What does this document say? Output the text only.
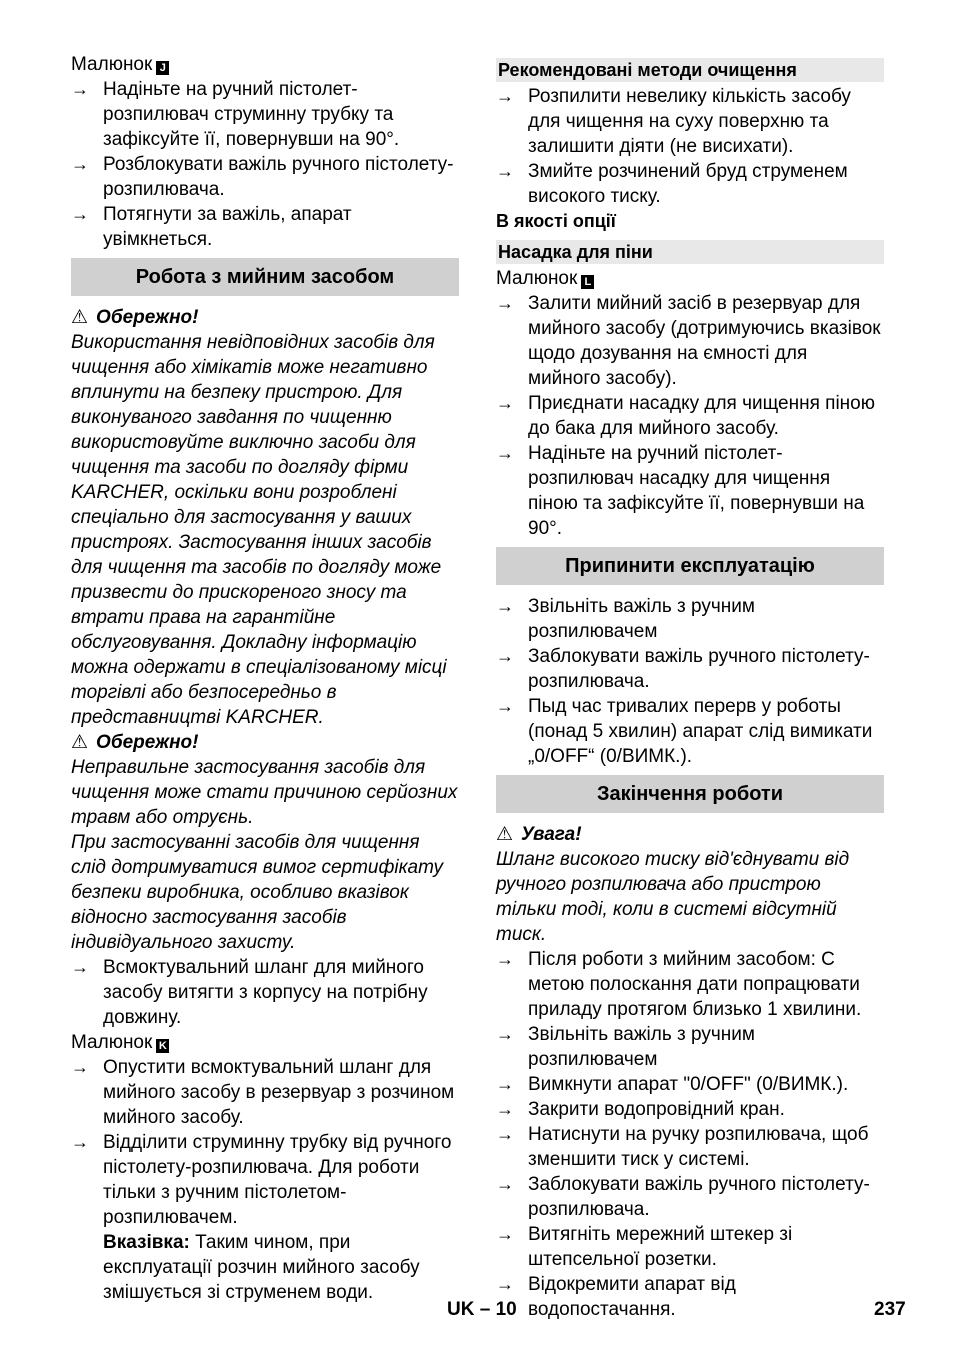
Малюнок J

→ Надіньте на ручний пістолет-розпилювач струминну трубку та зафіксуйте її, повернувши на 90°.
→ Розблокувати важіль ручного пістолету-розпилювача.
→ Потягнути за важіль, апарат увімкнеться.
Робота з мийним засобом

⚠ Обережно!

Використання невідповідних засобів для чищення або хімікатів може негативно вплинути на безпеку пристрою. Для виконуваного завдання по чищенню використовуйте виключно засоби для чищення та засоби по догляду фірми KARCHER, оскільки вони розроблені спеціально для застосування у ваших пристроях. Застосування інших засобів для чищення та засобів по догляду може призвести до прискореного зносу та втрати права на гарантійне обслуговування. Докладну інформацію можна одержати в спеціалізованому місці торгівлі або безпосередньо в представництві KARCHER.

⚠ Обережно!

Неправильне застосування засобів для чищення може стати причиною серйозних травм або отруєнь.

При застосуванні засобів для чищення слід дотримуватися вимог сертифікату безпеки виробника, особливо вказівок відносно застосування засобів індивідуального захисту.

→ Всмоктувальний шланг для мийного засобу витягти з корпусу на потрібну довжину.

Малюнок K

→ Опустити всмоктувальний шланг для мийного засобу в резервуар з розчином мийного засобу.
→ Відділити струминну трубку від ручного пістолету-розпилювача. Для роботи тільки з ручним пістолетом-розпилювачем.

Вказівка: Таким чином, при експлуатації розчин мийного засобу змішується зі струменем води.

Рекомендовані методи очищення
→ Розпилити невелику кількість засобу для чищення на суху поверхню та залишити діяти (не висихати).
→ Змийте розчинений бруд струменем високого тиску.

В якості опції

Насадка для піни

Малюнок L

→ Залити мийний засіб в резервуар для мийного засобу (дотримуючись вказівок щодо дозування на ємності для мийного засобу).
→ Приєднати насадку для чищення піною до бака для мийного засобу.
→ Надіньте на ручний пістолет-розпилювач насадку для чищення піною та зафіксуйте її, повернувши на 90°.
Припинити експлуатацію
→ Звільніть важіль з ручним розпилювачем
→ Заблокувати важіль ручного пістолету-розпилювача.
→ Пыд час тривалих перерв у роботы (понад 5 хвилин) апарат слід вимикати „0/OFF“ (0/ВИМК.).
Закінчення роботи

⚠ Увага!

Шланг високого тиску від'єднувати від ручного розпилювача або пристрою тільки тоді, коли в системі відсутній тиск.

→ Після роботи з мийним засобом: С метою полоскання дати попрацювати приладу протягом близько 1 хвилини.
→ Звільніть важіль з ручним розпилювачем
→ Вимкнути апарат "0/OFF" (0/ВИМК.).
→ Закрити водопровідний кран.
→ Натиснути на ручку розпилювача, щоб зменшити тиск у системі.
→ Заблокувати важіль ручного пістолету-розпилювача.
→ Витягніть мережний штекер зі штепсельної розетки.
→ Відокремити апарат від водопостачання.
UK – 10	237
